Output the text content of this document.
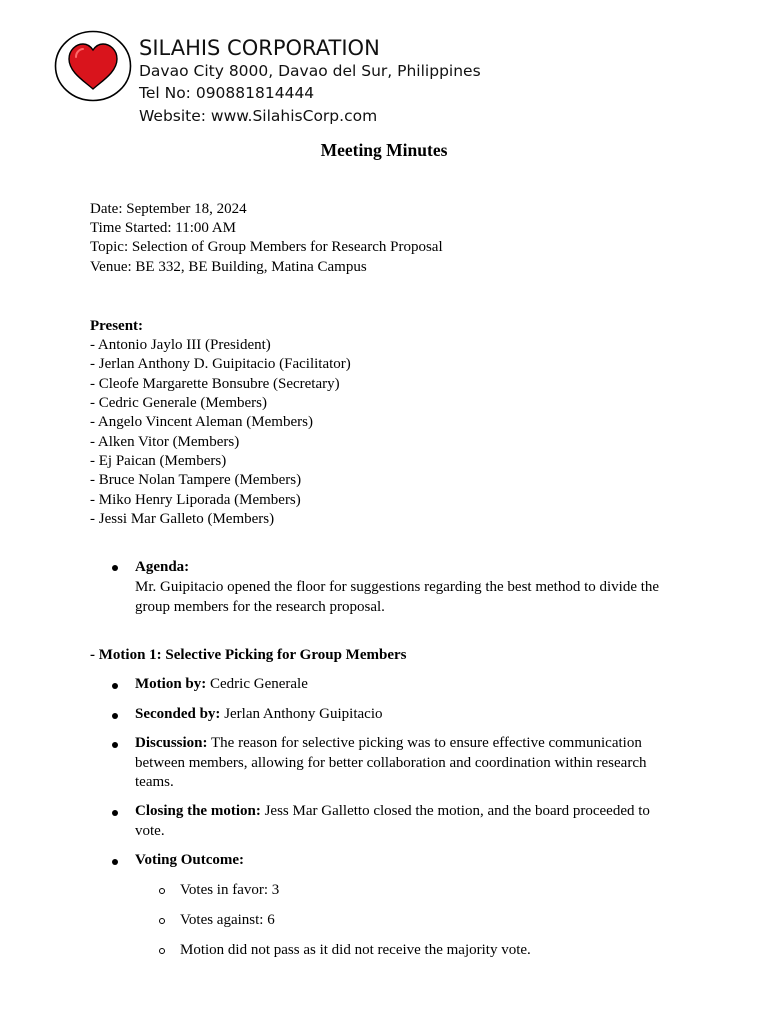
SILAHIS CORPORATION
Davao City 8000, Davao del Sur, Philippines
Tel No: 090881814444
Website: www.SilahisCorp.com
Meeting Minutes
Date: September 18, 2024
Time Started: 11:00 AM
Topic: Selection of Group Members for Research Proposal
Venue: BE 332, BE Building, Matina Campus
Present:
- Antonio Jaylo III (President)
- Jerlan Anthony D. Guipitacio (Facilitator)
- Cleofe Margarette Bonsubre (Secretary)
- Cedric Generale (Members)
- Angelo Vincent Aleman (Members)
- Alken Vitor (Members)
- Ej Paican (Members)
- Bruce Nolan Tampere (Members)
- Miko Henry Liporada (Members)
- Jessi Mar Galleto (Members)
Agenda:
Mr. Guipitacio opened the floor for suggestions regarding the best method to divide the group members for the research proposal.
- Motion 1: Selective Picking for Group Members
Motion by: Cedric Generale
Seconded by: Jerlan Anthony Guipitacio
Discussion: The reason for selective picking was to ensure effective communication between members, allowing for better collaboration and coordination within research teams.
Closing the motion: Jess Mar Galletto closed the motion, and the board proceeded to vote.
Voting Outcome:
Votes in favor: 3
Votes against: 6
Motion did not pass as it did not receive the majority vote.
